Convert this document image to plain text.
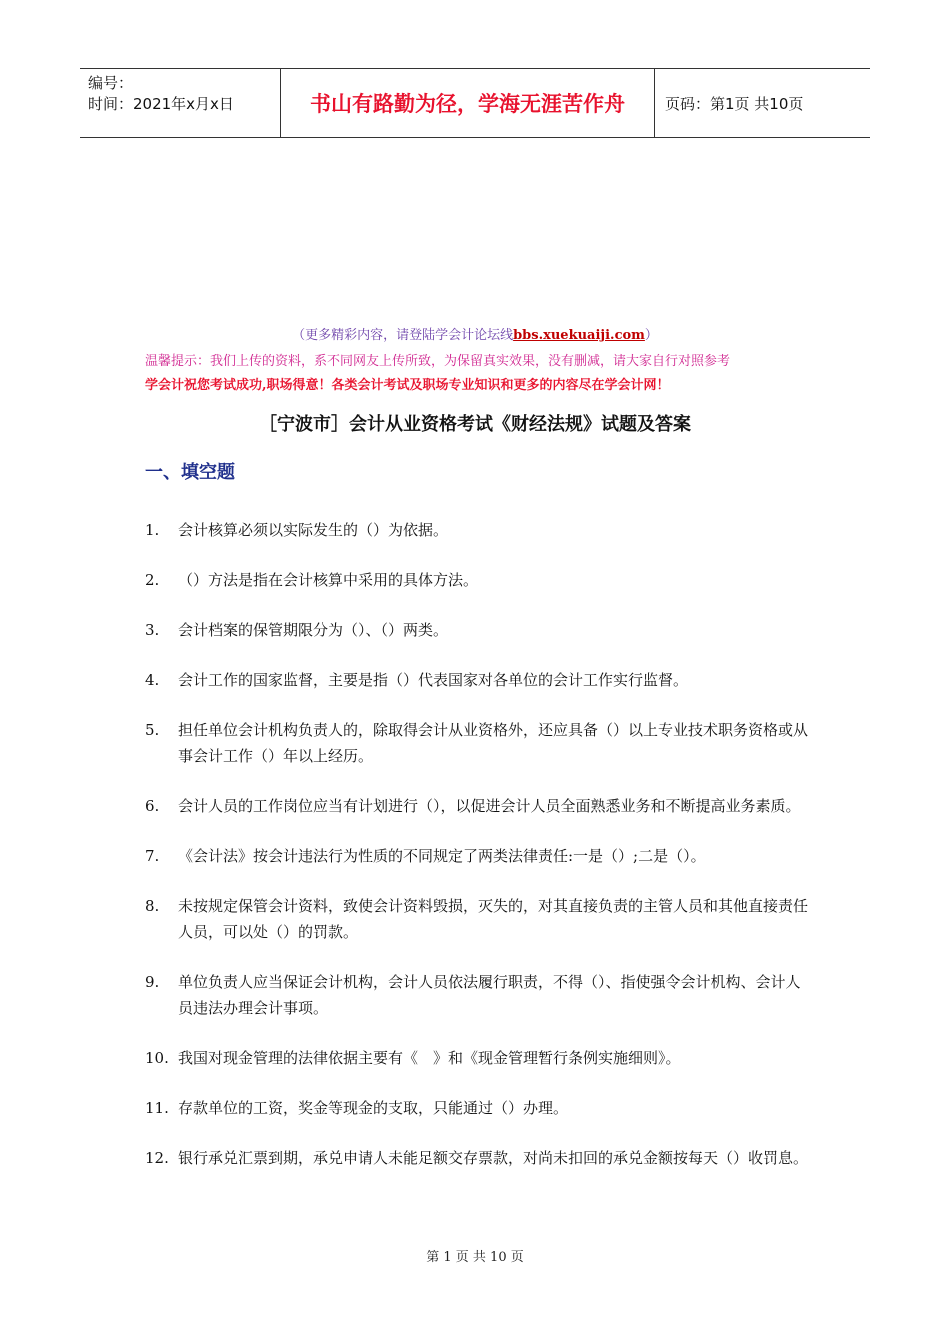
编号：
时间：2021年x月x日	书山有路勤为径，学海无涯苦作舟	页码：第1页 共10页
（更多精彩内容，请登陆学会计论坛线bbs.xuekuaiji.com）
温馨提示：我们上传的资料，系不同网友上传所致，为保留真实效果，没有删减，请大家自行对照参考
学会计祝您考试成功,职场得意！各类会计考试及职场专业知识和更多的内容尽在学会计网！
［宁波市］会计从业资格考试《财经法规》试题及答案
一、填空题
1.	会计核算必须以实际发生的（）为依据。
2.	（）方法是指在会计核算中采用的具体方法。
3.	会计档案的保管期限分为（）、（）两类。
4.	会计工作的国家监督，主要是指（）代表国家对各单位的会计工作实行监督。
5.	担任单位会计机构负责人的，除取得会计从业资格外，还应具备（）以上专业技术职务资格或从事会计工作（）年以上经历。
6.	会计人员的工作岗位应当有计划进行（），以促进会计人员全面熟悉业务和不断提高业务素质。
7.	《会计法》按会计违法行为性质的不同规定了两类法律责任:一是（）;二是（）。
8.	未按规定保管会计资料，致使会计资料毁损，灭失的，对其直接负责的主管人员和其他直接责任人员，可以处（）的罚款。
9.	单位负责人应当保证会计机构，会计人员依法履行职责，不得（）、指使强令会计机构、会计人员违法办理会计事项。
10. 我国对现金管理的法律依据主要有《　》和《现金管理暂行条例实施细则》。
11. 存款单位的工资，奖金等现金的支取，只能通过（）办理。
12. 银行承兑汇票到期，承兑申请人未能足额交存票款，对尚未扣回的承兑金额按每天（）收罚息。
第 1 页 共 10 页
